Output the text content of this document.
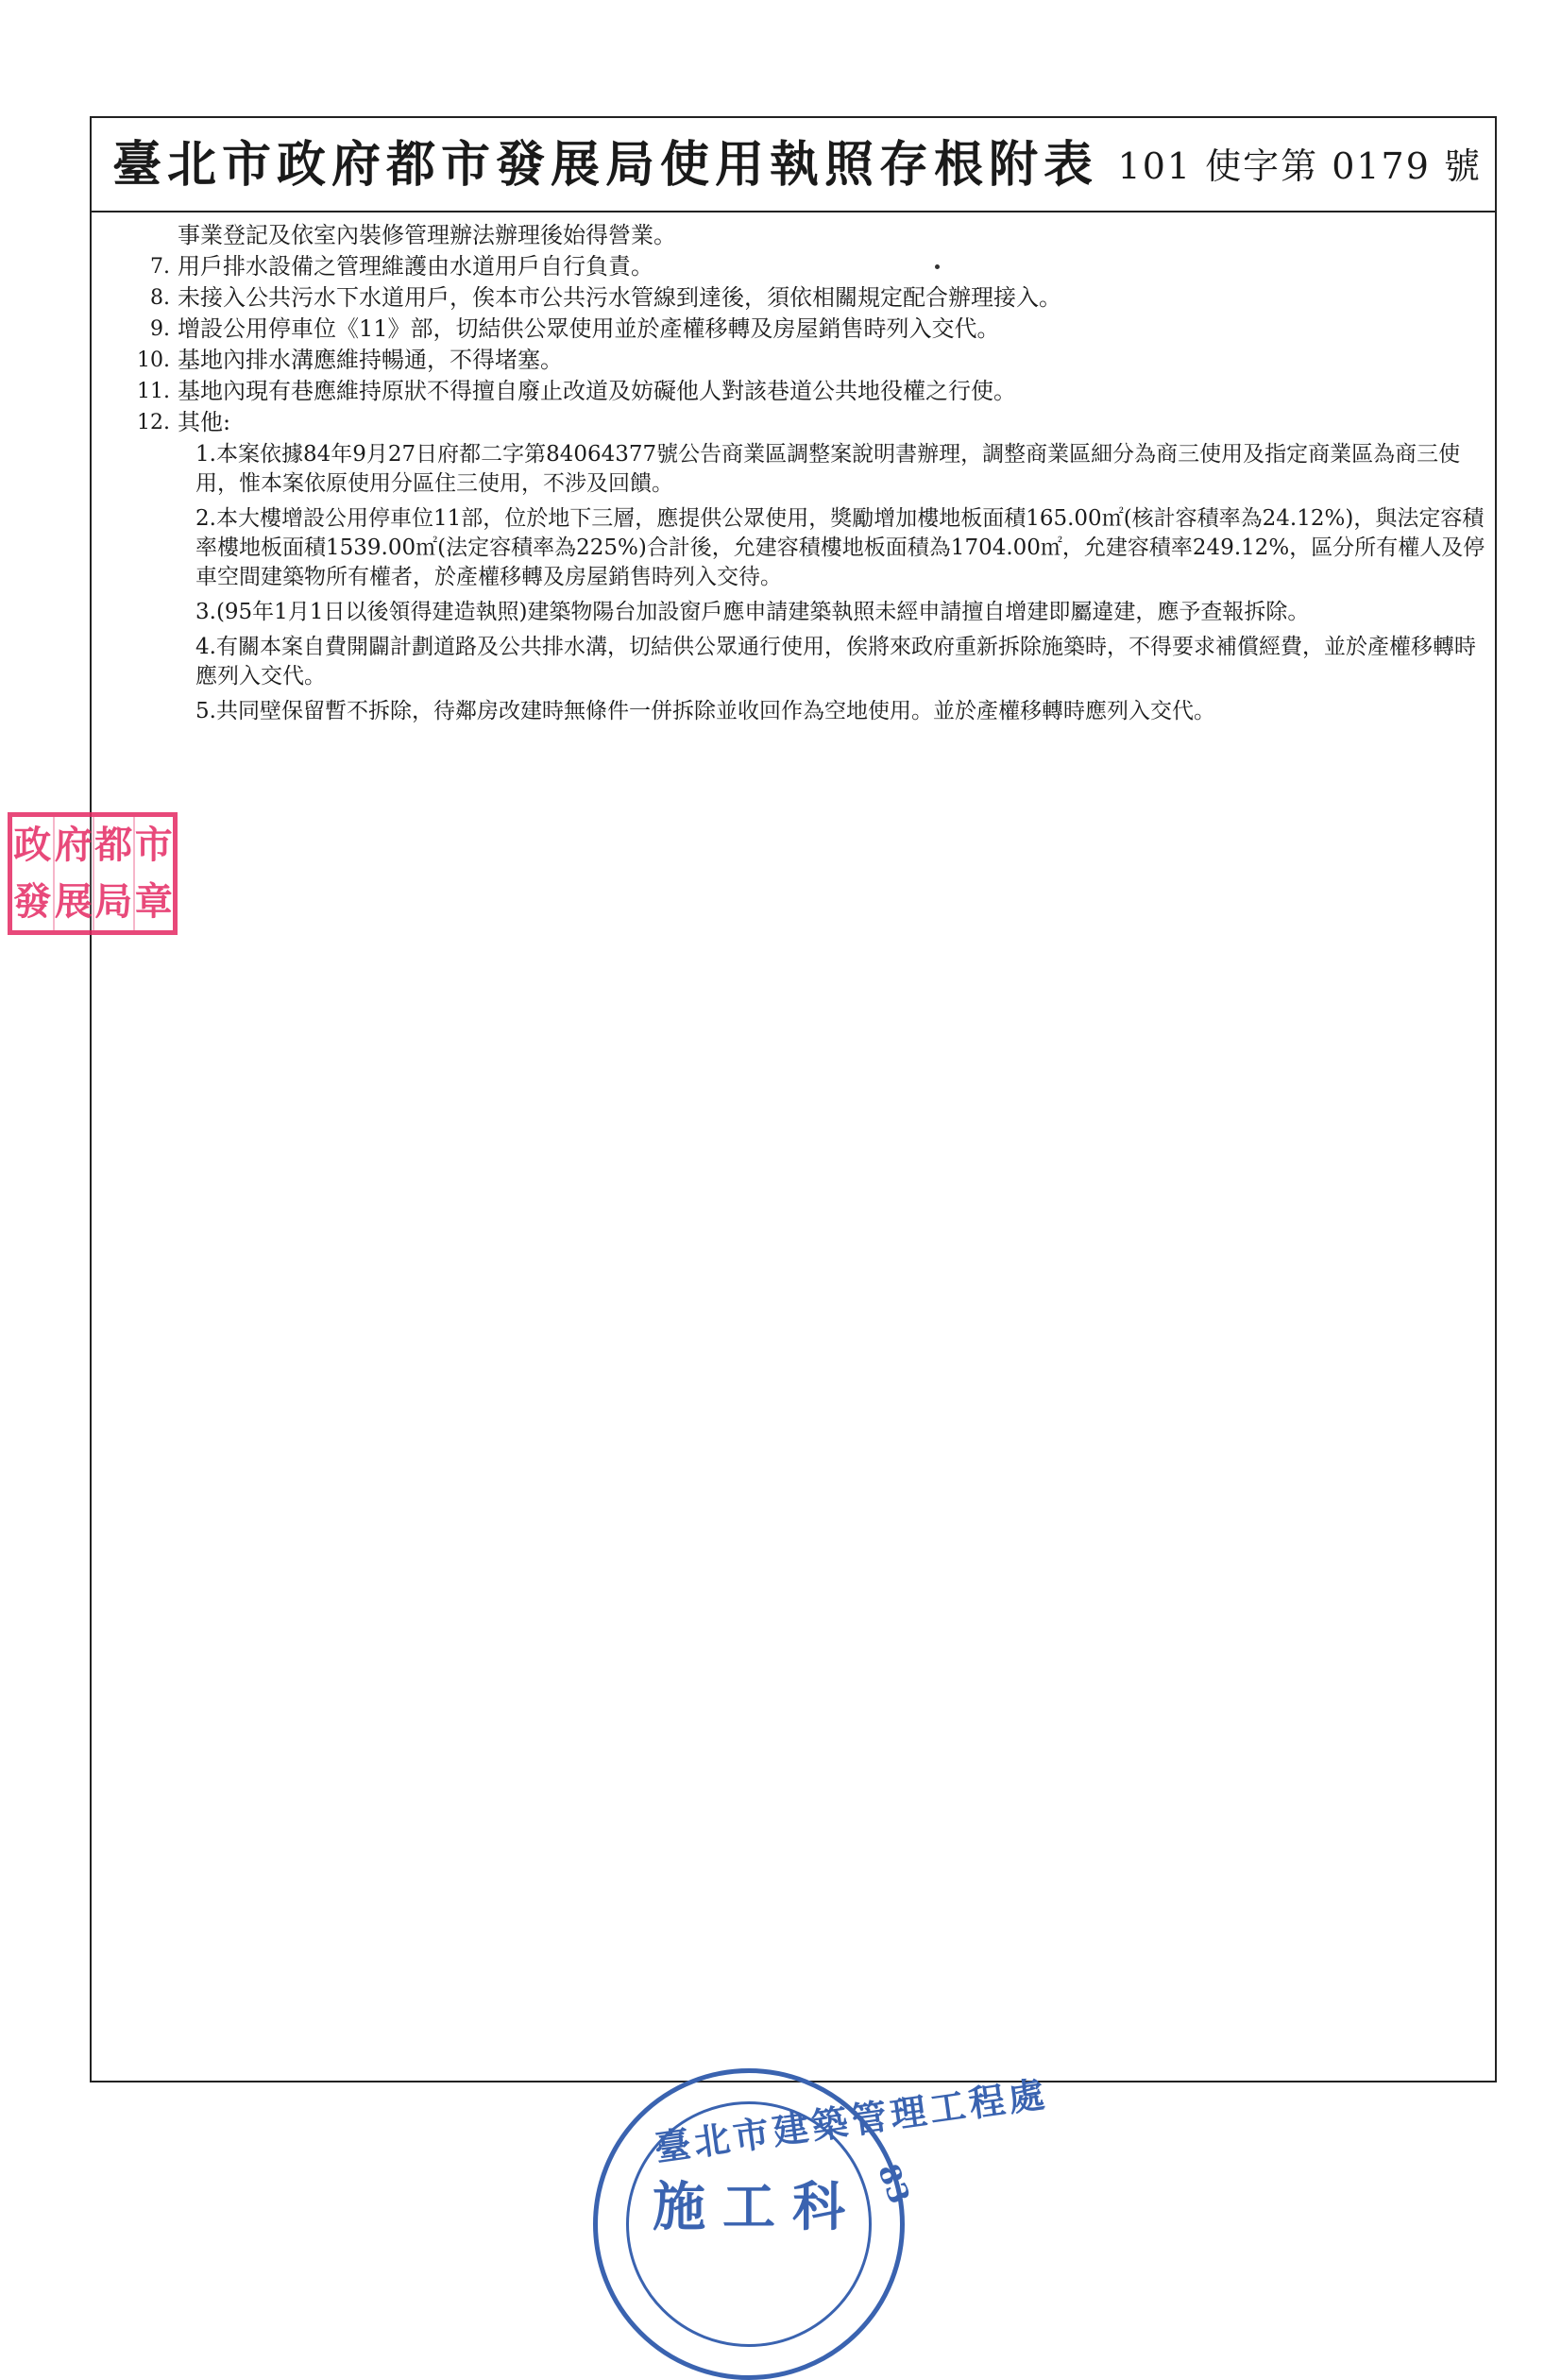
臺北市政府都市發展局使用執照存根附表 101 使字第 0179 號
事業登記及依室內裝修管理辦法辦理後始得營業。
7. 用戶排水設備之管理維護由水道用戶自行負責。
8. 未接入公共污水下水道用戶，俟本市公共污水管線到達後，須依相關規定配合辦理接入。
9. 增設公用停車位《11》部，切結供公眾使用並於產權移轉及房屋銷售時列入交代。
10. 基地內排水溝應維持暢通，不得堵塞。
11. 基地內現有巷應維持原狀不得擅自廢止改道及妨礙他人對該巷道公共地役權之行使。
12. 其他:
1.本案依據84年9月27日府都二字第84064377號公告商業區調整案說明書辦理，調整商業區細分為商三使用及指定商業區為商三使用，惟本案依原使用分區住三使用，不涉及回饋。
2.本大樓增設公用停車位11部，位於地下三層，應提供公眾使用，獎勵增加樓地板面積165.00㎡(核計容積率為24.12%)，與法定容積率樓地板面積1539.00㎡(法定容積率為225%)合計後，允建容積樓地板面積為1704.00㎡，允建容積率249.12%，區分所有權人及停車空間建築物所有權者，於產權移轉及房屋銷售時列入交待。
3.(95年1月1日以後領得建造執照)建築物陽台加設窗戶應申請建築執照未經申請擅自增建即屬違建，應予查報拆除。
4.有關本案自費開闢計劃道路及公共排水溝，切結供公眾通行使用，俟將來政府重新拆除施築時，不得要求補償經費，並於產權移轉時應列入交代。
5.共同壁保留暫不拆除，待鄰房改建時無條件一併拆除並收回作為空地使用。並於產權移轉時應列入交代。
政 府 都 市
發 展 局 章
臺北市建築管理工程處
施工科 83
